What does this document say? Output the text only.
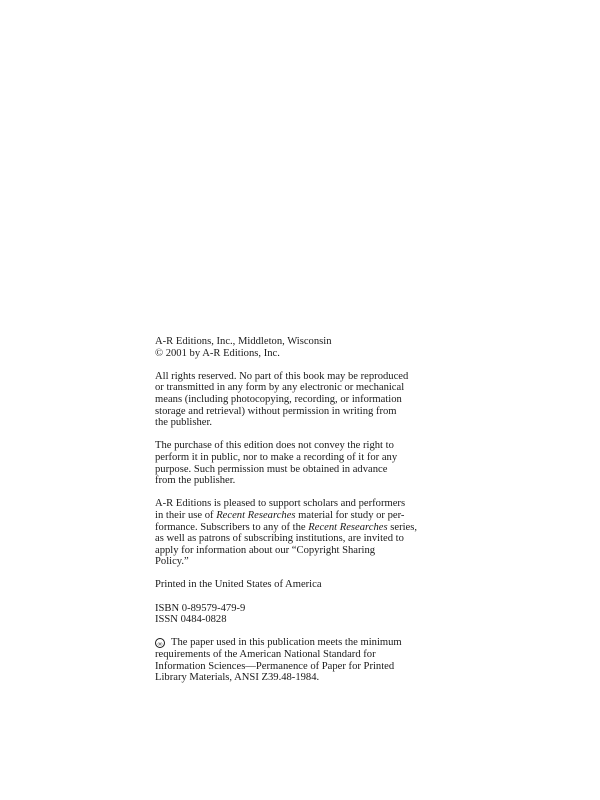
A-R Editions, Inc., Middleton, Wisconsin
© 2001 by A-R Editions, Inc.

All rights reserved. No part of this book may be reproduced
or transmitted in any form by any electronic or mechanical
means (including photocopying, recording, or information
storage and retrieval) without permission in writing from
the publisher.

The purchase of this edition does not convey the right to
perform it in public, nor to make a recording of it for any
purpose. Such permission must be obtained in advance
from the publisher.

A-R Editions is pleased to support scholars and performers
in their use of Recent Researches material for study or per-
formance. Subscribers to any of the Recent Researches series,
as well as patrons of subscribing institutions, are invited to
apply for information about our “Copyright Sharing
Policy.”

Printed in the United States of America

ISBN 0-89579-479-9
ISSN 0484-0828

∞ The paper used in this publication meets the minimum
requirements of the American National Standard for
Information Sciences—Permanence of Paper for Printed
Library Materials, ANSI Z39.48-1984.
